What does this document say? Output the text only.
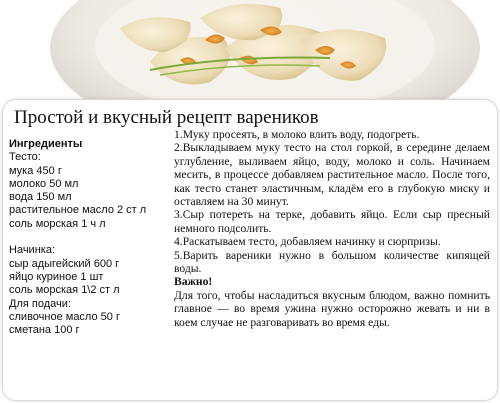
Простой и вкусный рецепт вареников
Ингредиенты
Тесто:
мука 450 г
молоко 50 мл
вода 150 мл
растительное масло 2 ст л
соль морская 1 ч л
Начинка:
сыр адыгейский 600 г
яйцо куриное 1 шт
соль морская 1\2 ст л
Для подачи:
сливочное масло 50 г
сметана 100 г

1.Муку просеять, в молоко влить воду, подогреть.

2.Выкладываем муку тесто на стол горкой, в середине делаем углубление, выливаем яйцо, воду, молоко и соль. Начинаем месить, в процессе добавляем растительное масло. После того, как тесто станет эластичным, кладём его в глубокую миску и оставляем на 30 минут.

3.Сыр потереть на терке, добавить яйцо. Если сыр пресный немного подсолить.

4.Раскатываем тесто, добавляем начинку и сюрпризы.

5.Варить вареники нужно в большом количестве кипящей воды.

Важно!

Для того, чтобы насладиться вкусным блюдом, важно помнить главное — во время ужина нужно осторожно жевать и ни в коем случае не разговаривать во время еды.
